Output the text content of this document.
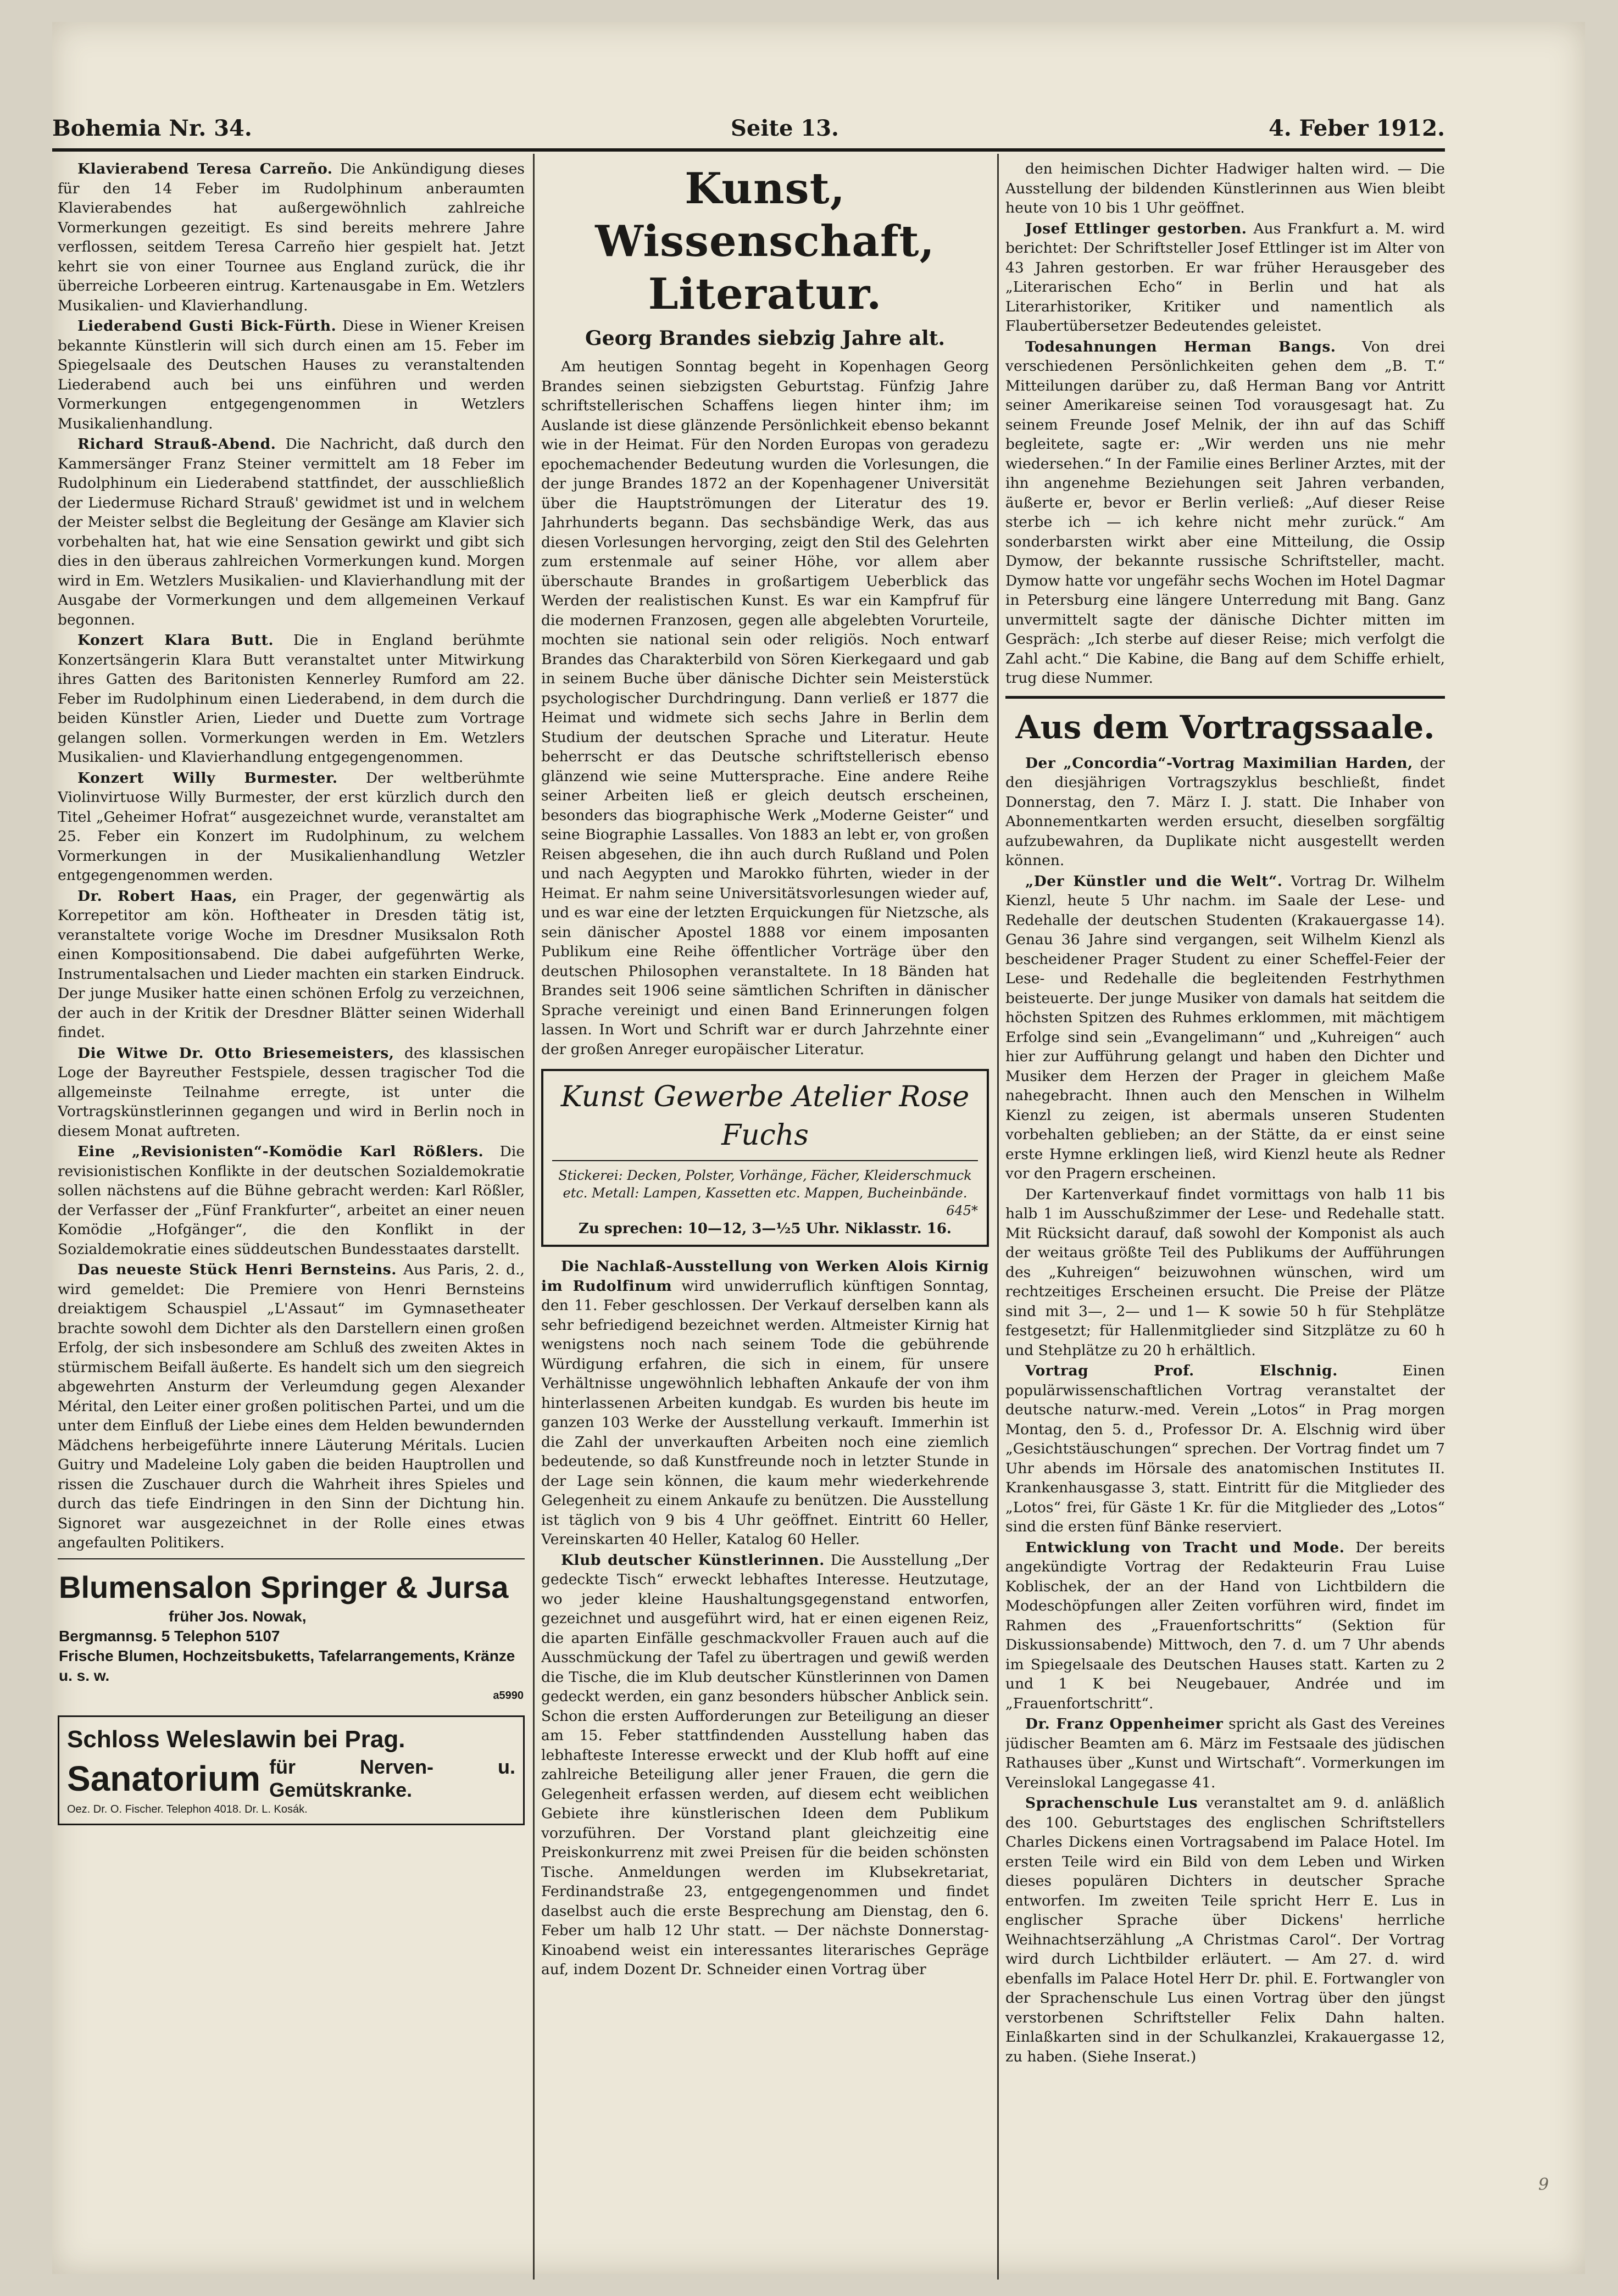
Bohemia Nr. 34.	Seite 13.	4. Feber 1912.

Klavierabend Teresa Carreño. Die Ankündigung dieses für den 14 Feber im Rudolphinum anberaumten Klavierabendes hat außergewöhnlich zahlreiche Vormerkungen gezeitigt. Es sind bereits mehrere Jahre verflossen, seitdem Teresa Carreño hier gespielt hat. Jetzt kehrt sie von einer Tournee aus England zurück, die ihr überreiche Lorbeeren eintrug. Kartenausgabe in Em. Wetzlers Musikalien- und Klavierhandlung.

Liederabend Gusti Bick-Fürth. Diese in Wiener Kreisen bekannte Künstlerin will sich durch einen am 15. Feber im Spiegelsaale des Deutschen Hauses zu veranstaltenden Liederabend auch bei uns einführen und werden Vormerkungen entgegengenommen in Wetzlers Musikalienhandlung.

Richard Strauß-Abend. Die Nachricht, daß durch den Kammersänger Franz Steiner vermittelt am 18 Feber im Rudolphinum ein Liederabend stattfindet, der ausschließlich der Liedermuse Richard Strauß' gewidmet ist und in welchem der Meister selbst die Begleitung der Gesänge am Klavier sich vorbehalten hat, hat wie eine Sensation gewirkt und gibt sich dies in den überaus zahlreichen Vormerkungen kund. Morgen wird in Em. Wetzlers Musikalien- und Klavierhandlung mit der Ausgabe der Vormerkungen und dem allgemeinen Verkauf begonnen.

Konzert Klara Butt. Die in England berühmte Konzertsängerin Klara Butt veranstaltet unter Mitwirkung ihres Gatten des Baritonisten Kennerley Rumford am 22. Feber im Rudolphinum einen Liederabend, in dem durch die beiden Künstler Arien, Lieder und Duette zum Vortrage gelangen sollen. Vormerkungen werden in Em. Wetzlers Musikalien- und Klavierhandlung entgegengenommen.

Konzert Willy Burmester. Der weltberühmte Violinvirtuose Willy Burmester, der erst kürzlich durch den Titel „Geheimer Hofrat“ ausgezeichnet wurde, veranstaltet am 25. Feber ein Konzert im Rudolphinum, zu welchem Vormerkungen in der Musikalienhandlung Wetzler entgegengenommen werden.

Dr. Robert Haas, ein Prager, der gegenwärtig als Korrepetitor am kön. Hoftheater in Dresden tätig ist, veranstaltete vorige Woche im Dresdner Musiksalon Roth einen Kompositionsabend. Die dabei aufgeführten Werke, Instrumentalsachen und Lieder machten ein starken Eindruck. Der junge Musiker hatte einen schönen Erfolg zu verzeichnen, der auch in der Kritik der Dresdner Blätter seinen Widerhall findet.

Die Witwe Dr. Otto Briesemeisters, des klassischen Loge der Bayreuther Festspiele, dessen tragischer Tod die allgemeinste Teilnahme erregte, ist unter die Vortragskünstlerinnen gegangen und wird in Berlin noch in diesem Monat auftreten.

Eine „Revisionisten“-Komödie Karl Rößlers. Die revisionistischen Konflikte in der deutschen Sozialdemokratie sollen nächstens auf die Bühne gebracht werden: Karl Rößler, der Verfasser der „Fünf Frankfurter“, arbeitet an einer neuen Komödie „Hofgänger“, die den Konflikt in der Sozialdemokratie eines süddeutschen Bundesstaates darstellt.

Das neueste Stück Henri Bernsteins. Aus Paris, 2. d., wird gemeldet: Die Premiere von Henri Bernsteins dreiaktigem Schauspiel „L'Assaut“ im Gymnasetheater brachte sowohl dem Dichter als den Darstellern einen großen Erfolg, der sich insbesondere am Schluß des zweiten Aktes in stürmischem Beifall äußerte. Es handelt sich um den siegreich abgewehrten Ansturm der Verleumdung gegen Alexander Mérital, den Leiter einer großen politischen Partei, und um die unter dem Einfluß der Liebe eines dem Helden bewundernden Mädchens herbeigeführte innere Läuterung Méritals. Lucien Guitry und Madeleine Loly gaben die beiden Hauptrollen und rissen die Zuschauer durch die Wahrheit ihres Spieles und durch das tiefe Eindringen in den Sinn der Dichtung hin. Signoret war ausgezeichnet in der Rolle eines etwas angefaulten Politikers.

Blumensalon Springer & Jursa
früher Jos. Nowak,
Bergmannsg. 5 Telephon 5107
Frische Blumen, Hochzeitsbuketts, Tafelarrangements, Kränze u. s. w.
a5990
Schloss Weleslawin bei Prag.
Sanatorium für Nerven- u. Gemütskranke.
Oez. Dr. O. Fischer. Telephon 4018. Dr. L. Kosák.
Kunst, Wissenschaft, Literatur.
Georg Brandes siebzig Jahre alt.

Am heutigen Sonntag begeht in Kopenhagen Georg Brandes seinen siebzigsten Geburtstag. Fünfzig Jahre schriftstellerischen Schaffens liegen hinter ihm; im Auslande ist diese glänzende Persönlichkeit ebenso bekannt wie in der Heimat. Für den Norden Europas von geradezu epochemachender Bedeutung wurden die Vorlesungen, die der junge Brandes 1872 an der Kopenhagener Universität über die Hauptströmungen der Literatur des 19. Jahrhunderts begann. Das sechsbändige Werk, das aus diesen Vorlesungen hervorging, zeigt den Stil des Gelehrten zum erstenmale auf seiner Höhe, vor allem aber überschaute Brandes in großartigem Ueberblick das Werden der realistischen Kunst. Es war ein Kampfruf für die modernen Franzosen, gegen alle abgelebten Vorurteile, mochten sie national sein oder religiös. Noch entwarf Brandes das Charakterbild von Sören Kierkegaard und gab in seinem Buche über dänische Dichter sein Meisterstück psychologischer Durchdringung. Dann verließ er 1877 die Heimat und widmete sich sechs Jahre in Berlin dem Studium der deutschen Sprache und Literatur. Heute beherrscht er das Deutsche schriftstellerisch ebenso glänzend wie seine Muttersprache. Eine andere Reihe seiner Arbeiten ließ er gleich deutsch erscheinen, besonders das biographische Werk „Moderne Geister“ und seine Biographie Lassalles. Von 1883 an lebt er, von großen Reisen abgesehen, die ihn auch durch Rußland und Polen und nach Aegypten und Marokko führten, wieder in der Heimat. Er nahm seine Universitätsvorlesungen wieder auf, und es war eine der letzten Erquickungen für Nietzsche, als sein dänischer Apostel 1888 vor einem imposanten Publikum eine Reihe öffentlicher Vorträge über den deutschen Philosophen veranstaltete. In 18 Bänden hat Brandes seit 1906 seine sämtlichen Schriften in dänischer Sprache vereinigt und einen Band Erinnerungen folgen lassen. In Wort und Schrift war er durch Jahrzehnte einer der großen Anreger europäischer Literatur.

Kunst Gewerbe Atelier Rose Fuchs
Stickerei: Decken, Polster, Vorhänge, Fächer, Kleiderschmuck etc. Metall: Lampen, Kassetten etc. Mappen, Bucheinbände.
645*
Zu sprechen: 10—12, 3—½5 Uhr. Niklasstr. 16.

Die Nachlaß-Ausstellung von Werken Alois Kirnig im Rudolfinum wird unwiderruflich künftigen Sonntag, den 11. Feber geschlossen. Der Verkauf derselben kann als sehr befriedigend bezeichnet werden. Altmeister Kirnig hat wenigstens noch nach seinem Tode die gebührende Würdigung erfahren, die sich in einem, für unsere Verhältnisse ungewöhnlich lebhaften Ankaufe der von ihm hinterlassenen Arbeiten kundgab. Es wurden bis heute im ganzen 103 Werke der Ausstellung verkauft. Immerhin ist die Zahl der unverkauften Arbeiten noch eine ziemlich bedeutende, so daß Kunstfreunde noch in letzter Stunde in der Lage sein können, die kaum mehr wiederkehrende Gelegenheit zu einem Ankaufe zu benützen. Die Ausstellung ist täglich von 9 bis 4 Uhr geöffnet. Eintritt 60 Heller, Vereinskarten 40 Heller, Katalog 60 Heller.

Klub deutscher Künstlerinnen. Die Ausstellung „Der gedeckte Tisch“ erweckt lebhaftes Interesse. Heutzutage, wo jeder kleine Haushaltungsgegenstand entworfen, gezeichnet und ausgeführt wird, hat er einen eigenen Reiz, die aparten Einfälle geschmackvoller Frauen auch auf die Ausschmückung der Tafel zu übertragen und gewiß werden die Tische, die im Klub deutscher Künstlerinnen von Damen gedeckt werden, ein ganz besonders hübscher Anblick sein. Schon die ersten Aufforderungen zur Beteiligung an dieser am 15. Feber stattfindenden Ausstellung haben das lebhafteste Interesse erweckt und der Klub hofft auf eine zahlreiche Beteiligung aller jener Frauen, die gern die Gelegenheit erfassen werden, auf diesem echt weiblichen Gebiete ihre künstlerischen Ideen dem Publikum vorzuführen. Der Vorstand plant gleichzeitig eine Preiskonkurrenz mit zwei Preisen für die beiden schönsten Tische. Anmeldungen werden im Klubsekretariat, Ferdinandstraße 23, entgegengenommen und findet daselbst auch die erste Besprechung am Dienstag, den 6. Feber um halb 12 Uhr statt. — Der nächste Donnerstag-Kinoabend weist ein interessantes literarisches Gepräge auf, indem Dozent Dr. Schneider einen Vortrag über

den heimischen Dichter Hadwiger halten wird. — Die Ausstellung der bildenden Künstlerinnen aus Wien bleibt heute von 10 bis 1 Uhr geöffnet.

Josef Ettlinger gestorben. Aus Frankfurt a. M. wird berichtet: Der Schriftsteller Josef Ettlinger ist im Alter von 43 Jahren gestorben. Er war früher Herausgeber des „Literarischen Echo“ in Berlin und hat als Literarhistoriker, Kritiker und namentlich als Flaubertübersetzer Bedeutendes geleistet.

Todesahnungen Herman Bangs. Von drei verschiedenen Persönlichkeiten gehen dem „B. T.“ Mitteilungen darüber zu, daß Herman Bang vor Antritt seiner Amerikareise seinen Tod vorausgesagt hat. Zu seinem Freunde Josef Melnik, der ihn auf das Schiff begleitete, sagte er: „Wir werden uns nie mehr wiedersehen.“ In der Familie eines Berliner Arztes, mit der ihn angenehme Beziehungen seit Jahren verbanden, äußerte er, bevor er Berlin verließ: „Auf dieser Reise sterbe ich — ich kehre nicht mehr zurück.“ Am sonderbarsten wirkt aber eine Mitteilung, die Ossip Dymow, der bekannte russische Schriftsteller, macht. Dymow hatte vor ungefähr sechs Wochen im Hotel Dagmar in Petersburg eine längere Unterredung mit Bang. Ganz unvermittelt sagte der dänische Dichter mitten im Gespräch: „Ich sterbe auf dieser Reise; mich verfolgt die Zahl acht.“ Die Kabine, die Bang auf dem Schiffe erhielt, trug diese Nummer.

Aus dem Vortragssaale.

Der „Concordia“-Vortrag Maximilian Harden, der den diesjährigen Vortragszyklus beschließt, findet Donnerstag, den 7. März I. J. statt. Die Inhaber von Abonnementkarten werden ersucht, dieselben sorgfältig aufzubewahren, da Duplikate nicht ausgestellt werden können.

„Der Künstler und die Welt“. Vortrag Dr. Wilhelm Kienzl, heute 5 Uhr nachm. im Saale der Lese- und Redehalle der deutschen Studenten (Krakauergasse 14). Genau 36 Jahre sind vergangen, seit Wilhelm Kienzl als bescheidener Prager Student zu einer Scheffel-Feier der Lese- und Redehalle die begleitenden Festrhythmen beisteuerte. Der junge Musiker von damals hat seitdem die höchsten Spitzen des Ruhmes erklommen, mit mächtigem Erfolge sind sein „Evangelimann“ und „Kuhreigen“ auch hier zur Aufführung gelangt und haben den Dichter und Musiker dem Herzen der Prager in gleichem Maße nahegebracht. Ihnen auch den Menschen in Wilhelm Kienzl zu zeigen, ist abermals unseren Studenten vorbehalten geblieben; an der Stätte, da er einst seine erste Hymne erklingen ließ, wird Kienzl heute als Redner vor den Pragern erscheinen.

Der Kartenverkauf findet vormittags von halb 11 bis halb 1 im Ausschußzimmer der Lese- und Redehalle statt. Mit Rücksicht darauf, daß sowohl der Komponist als auch der weitaus größte Teil des Publikums der Aufführungen des „Kuhreigen“ beizuwohnen wünschen, wird um rechtzeitiges Erscheinen ersucht. Die Preise der Plätze sind mit 3—, 2— und 1— K sowie 50 h für Stehplätze festgesetzt; für Hallenmitglieder sind Sitzplätze zu 60 h und Stehplätze zu 20 h erhältlich.

Vortrag Prof. Elschnig.	Einen populärwissenschaftlichen Vortrag veranstaltet der deutsche naturw.-med. Verein „Lotos“ in Prag morgen Montag, den 5. d., Professor Dr. A. Elschnig wird über „Gesichtstäuschungen“ sprechen. Der Vortrag findet um 7 Uhr abends im Hörsale des anatomischen Institutes II. Krankenhausgasse 3, statt. Eintritt für die Mitglieder des „Lotos“ frei, für Gäste 1 Kr. für die Mitglieder des „Lotos“ sind die ersten fünf Bänke reserviert.

Entwicklung von Tracht und Mode. Der bereits angekündigte Vortrag der Redakteurin Frau Luise Koblischek, der an der Hand von Lichtbildern die Modeschöpfungen aller Zeiten vorführen wird, findet im Rahmen des „Frauenfortschritts“ (Sektion für Diskussionsabende) Mittwoch, den 7. d. um 7 Uhr abends im Spiegelsaale des Deutschen Hauses statt. Karten zu 2 und 1 K bei Neugebauer, Andrée und im „Frauenfortschritt“.

Dr. Franz Oppenheimer spricht als Gast des Vereines jüdischer Beamten am 6. März im Festsaale des jüdischen Rathauses über „Kunst und Wirtschaft“. Vormerkungen im Vereinslokal Langegasse 41.

Sprachenschule Lus veranstaltet am 9. d. anläßlich des 100. Geburtstages des englischen Schriftstellers Charles Dickens einen Vortragsabend im Palace Hotel. Im ersten Teile wird ein Bild von dem Leben und Wirken dieses populären Dichters in deutscher Sprache entworfen. Im zweiten Teile spricht Herr E. Lus in englischer Sprache über Dickens' herrliche Weihnachtserzählung „A Christmas Carol“. Der Vortrag wird durch Lichtbilder erläutert. — Am 27. d. wird ebenfalls im Palace Hotel Herr Dr. phil. E. Fortwangler von der Sprachenschule Lus einen Vortrag über den jüngst verstorbenen Schriftsteller Felix Dahn halten. Einlaßkarten sind in der Schulkanzlei, Krakauergasse 12, zu haben. (Siehe Inserat.)

9
